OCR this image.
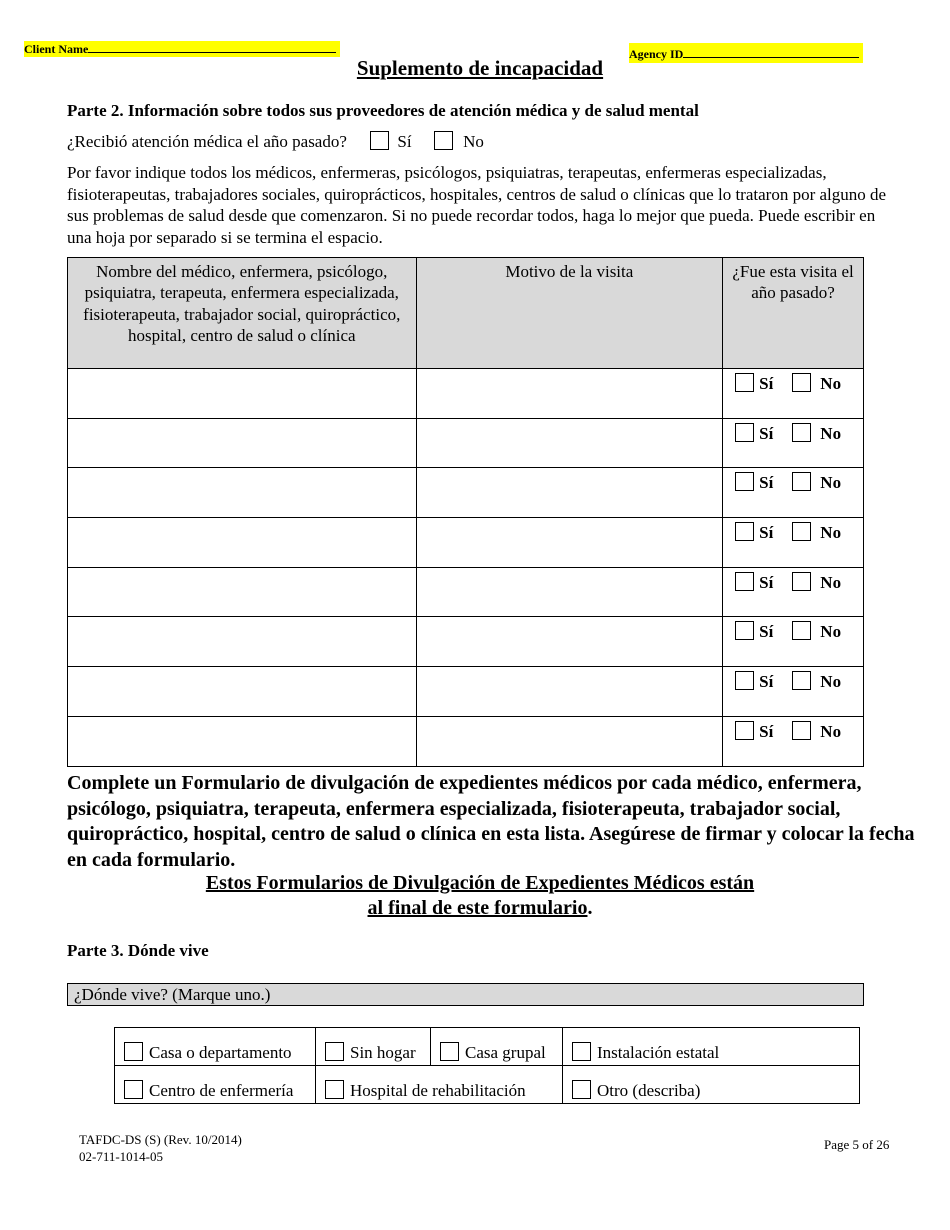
Client Name	Agency ID
Suplemento de incapacidad
Parte 2. Información sobre todos sus proveedores de atención médica y de salud mental
¿Recibió atención médica el año pasado?	Sí	No
Por favor indique todos los médicos, enfermeras, psicólogos, psiquiatras, terapeutas, enfermeras especializadas, fisioterapeutas, trabajadores sociales, quiroprácticos, hospitales, centros de salud o clínicas que lo trataron por alguno de sus problemas de salud desde que comenzaron. Si no puede recordar todos, haga lo mejor que pueda. Puede escribir en una hoja por separado si se termina el espacio.
Nombre del médico, enfermera, psicólogo, psiquiatra, terapeuta, enfermera especializada, fisioterapeuta, trabajador social, quiropráctico, hospital, centro de salud o clínica	Motivo de la visita	¿Fue esta visita el año pasado?
		Sí No
		Sí No
		Sí No
		Sí No
		Sí No
		Sí No
		Sí No
		Sí No
Complete un Formulario de divulgación de expedientes médicos por cada médico, enfermera, psicólogo, psiquiatra, terapeuta, enfermera especializada, fisioterapeuta, trabajador social, quiropráctico, hospital, centro de salud o clínica en esta lista. Asegúrese de firmar y colocar la fecha en cada formulario.
Estos Formularios de Divulgación de Expedientes Médicos están
al final de este formulario.
Parte 3. Dónde vive
¿Dónde vive? (Marque uno.)
Casa o departamento	Sin hogar	Casa grupal	Instalación estatal
Centro de enfermería	Hospital de rehabilitación		Otro (describa)
TAFDC-DS (S) (Rev. 10/2014)
02-711-1014-05
Page 5 of 26
